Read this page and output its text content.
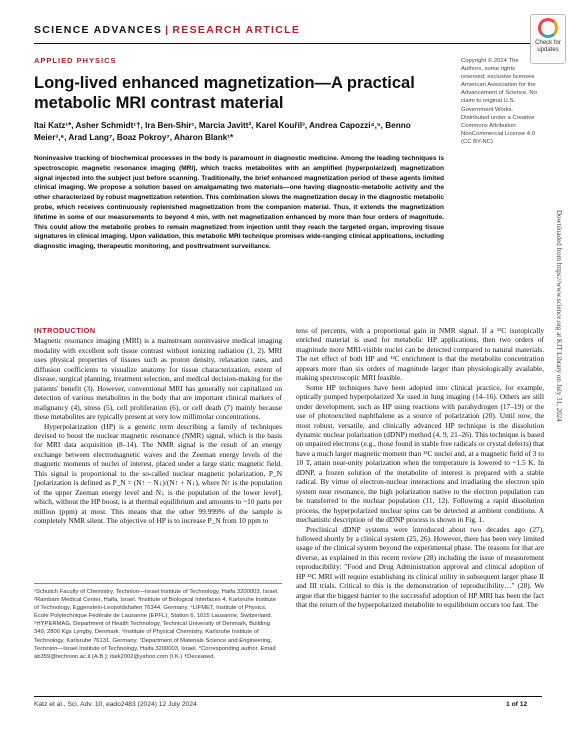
SCIENCE ADVANCES | RESEARCH ARTICLE
Check for
updates
APPLIED PHYSICS
Long-lived enhanced magnetization—A practical metabolic MRI contrast material
Itai Katz¹*, Asher Schmidt¹†, Ira Ben-Shir¹, Marcia Javitt², Karel Kouřil³, Andrea Capozzi⁴,⁵, Benno Meier³,⁶, Arad Lang⁷, Boaz Pokroy⁷, Aharon Blank¹*
Copyright © 2024 The Authors, some rights reserved; exclusive licensee American Association for the Advancement of Science. No claim to original U.S. Government Works. Distributed under a Creative Commons Attribution NonCommercial License 4.0 (CC BY-NC).
Noninvasive tracking of biochemical processes in the body is paramount in diagnostic medicine. Among the leading techniques is spectroscopic magnetic resonance imaging (MRI), which tracks metabolites with an amplified (hyperpolarized) magnetization signal injected into the subject just before scanning. Traditionally, the brief enhanced magnetization period of these agents limited clinical imaging. We propose a solution based on amalgamating two materials—one having diagnostic-metabolic activity and the other characterized by robust magnetization retention. This combination slows the magnetization decay in the diagnostic metabolic probe, which receives continuously replenished magnetization from the companion material. Thus, it extends the magnetization lifetime in some of our measurements to beyond 4 min, with net magnetization enhanced by more than four orders of magnitude. This could allow the metabolic probes to remain magnetized from injection until they reach the targeted organ, improving tissue signatures in clinical imaging. Upon validation, this metabolic MRI technique promises wide-ranging clinical applications, including diagnostic imaging, therapeutic monitoring, and posttreatment surveillance.	Downloaded from https://www.science.org at KIT Library on July 31, 2024
INTRODUCTION

Magnetic resonance imaging (MRI) is a mainstream noninvasive medical imaging modality with excellent soft tissue contrast without ionizing radiation (1, 2). MRI uses physical properties of tissues such as proton density, relaxation rates, and diffusion coefficients to visualize anatomy for tissue characterization, extent of disease, surgical planning, treatment selection, and medical decision-making for the patients' benefit (3). However, conventional MRI has generally not capitalized on detection of various metabolites in the body that are important clinical markers of malignancy (4), stress (5), cell proliferation (6), or cell death (7) mainly because these metabolites are typically present at very low millimolar concentrations.

Hyperpolarization (HP) is a generic term describing a family of techniques devised to boost the nuclear magnetic resonance (NMR) signal, which is the basis for MRI data acquisition (8–14). The NMR signal is the result of an energy exchange between electromagnetic waves and the Zeeman energy levels of the magnetic moments of nuclei of interest, placed under a large static magnetic field. This signal is proportional to the so-called nuclear magnetic polarization, P_N [polarization is defined as P_N = (N↑ − N↓)/(N↑ + N↓), where N↑ is the population of the upper Zeeman energy level and N↓ is the population of the lower level], which, without the HP boost, is at thermal equilibrium and amounts to ~10 parts per million (ppm) at most. This means that the other 99.999% of the sample is completely NMR silent. The objective of HP is to increase P_N from 10 ppm to

¹Schulich Faculty of Chemistry, Technion—Israel Institute of Technology, Haifa 3200003, Israel. ²Rambam Medical Center, Haifa, Israel. ³Institute of Biological Interfaces 4, Karlsruhe Institute of Technology, Eggenstein-Leopoldshafen 76344, Germany. ⁴LIFMET, Institute of Physics, École Polytechnique Fédérale de Lausanne (EPFL), Station 6, 1015 Lausanne, Switzerland. ⁵HYPERMAG, Department of Health Technology, Technical University of Denmark, Building 349, 2800 Kgs Lyngby, Denmark. ⁶Institute of Physical Chemistry, Karlsruhe Institute of Technology, Karlsruhe 76131, Germany. ⁷Department of Materials Science and Engineering, Technion—Israel Institute of Technology, Haifa 3200003, Israel. *Corresponding author. Email: ab359@technion.ac.il (A.B.); itaik2002@yahoo.com (I.K.) †Deceased.

tens of percents, with a proportional gain in NMR signal. If a ¹³C isotopically enriched material is used for metabolic HP applications, then two orders of magnitude more MRI-visible nuclei can be detected compared to natural materials. The net effect of both HP and ¹³C enrichment is that the metabolite concentration appears more than six orders of magnitude larger than physiologically available, making spectroscopic MRI feasible.

Some HP techniques have been adopted into clinical practice, for example, optically pumped hyperpolarized Xe used in lung imaging (14–16). Others are still under development, such as HP using reactions with parahydrogen (17–19) or the use of photoexcited naphthalene as a source of polarization (20). Until now, the most robust, versatile, and clinically advanced HP technique is the dissolution dynamic nuclear polarization (dDNP) method (4, 9, 21–26). This technique is based on unpaired electrons (e.g., those found in stable free radicals or crystal defects) that have a much larger magnetic moment than ¹³C nuclei and, at a magnetic field of 3 to 10 T, attain near-unity polarization when the temperature is lowered to ~1.5 K. In dDNP, a frozen solution of the metabolite of interest is prepared with a stable radical. By virtue of electron-nuclear interactions and irradiating the electron spin system near resonance, the high polarization native to the electron population can be transferred to the nuclear population (11, 12). Following a rapid dissolution process, the hyperpolarized nuclear spins can be detected at ambient conditions. A mechanistic description of the dDNP process is shown in Fig. 1.

Preclinical dDNP systems were introduced about two decades ago (27), followed shortly by a clinical system (25, 26). However, there has been very limited usage of the clinical system beyond the experimental phase. The reasons for that are diverse, as explained in this recent review (28) including the issue of measurement reproducibility: "Food and Drug Administration approval and clinical adoption of HP ¹³C MRI will require establishing its clinical utility in subsequent larger phase II and III trials. Critical to this is the demonstration of reproducibility…" (28). We argue that the biggest barrier to the successful adoption of HP MRI has been the fact that the return of the hyperpolarized metabolite to equilibrium occurs too fast. The

Katz et al., Sci. Adv. 10, eado2483 (2024) 12 July 2024	1 of 12
